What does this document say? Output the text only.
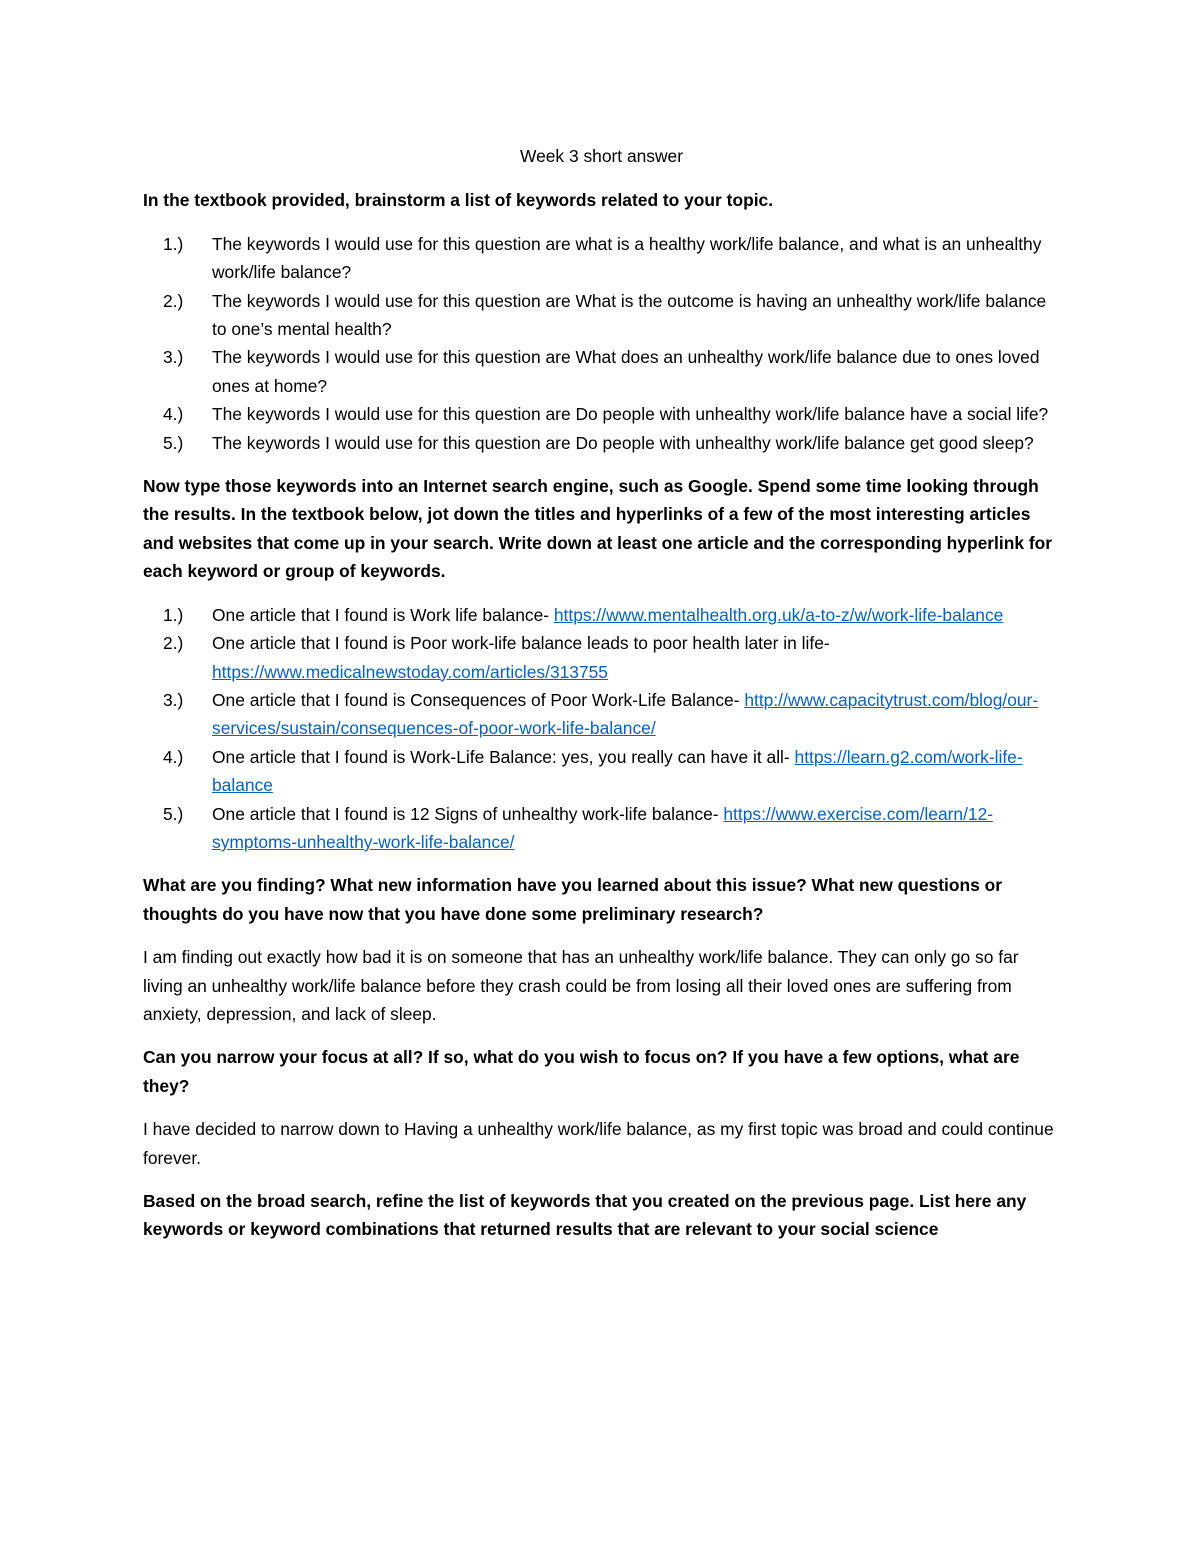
Week 3 short answer
In the textbook provided, brainstorm a list of keywords related to your topic.
1.) The keywords I would use for this question are what is a healthy work/life balance, and what is an unhealthy work/life balance?
2.) The keywords I would use for this question are What is the outcome is having an unhealthy work/life balance to one’s mental health?
3.) The keywords I would use for this question are What does an unhealthy work/life balance due to ones loved ones at home?
4.) The keywords I would use for this question are Do people with unhealthy work/life balance have a social life?
5.) The keywords I would use for this question are Do people with unhealthy work/life balance get good sleep?
Now type those keywords into an Internet search engine, such as Google. Spend some time looking through the results. In the textbook below, jot down the titles and hyperlinks of a few of the most interesting articles and websites that come up in your search. Write down at least one article and the corresponding hyperlink for each keyword or group of keywords.
1.) One article that I found is Work life balance- https://www.mentalhealth.org.uk/a-to-z/w/work-life-balance
2.) One article that I found is Poor work-life balance leads to poor health later in life- https://www.medicalnewstoday.com/articles/313755
3.) One article that I found is Consequences of Poor Work-Life Balance- http://www.capacitytrust.com/blog/our-services/sustain/consequences-of-poor-work-life-balance/
4.) One article that I found is Work-Life Balance: yes, you really can have it all- https://learn.g2.com/work-life-balance
5.) One article that I found is 12 Signs of unhealthy work-life balance- https://www.exercise.com/learn/12-symptoms-unhealthy-work-life-balance/
What are you finding? What new information have you learned about this issue? What new questions or thoughts do you have now that you have done some preliminary research?
I am finding out exactly how bad it is on someone that has an unhealthy work/life balance. They can only go so far living an unhealthy work/life balance before they crash could be from losing all their loved ones are suffering from anxiety, depression, and lack of sleep.
Can you narrow your focus at all? If so, what do you wish to focus on? If you have a few options, what are they?
I have decided to narrow down to Having a unhealthy work/life balance, as my first topic was broad and could continue forever.
Based on the broad search, refine the list of keywords that you created on the previous page. List here any keywords or keyword combinations that returned results that are relevant to your social science
